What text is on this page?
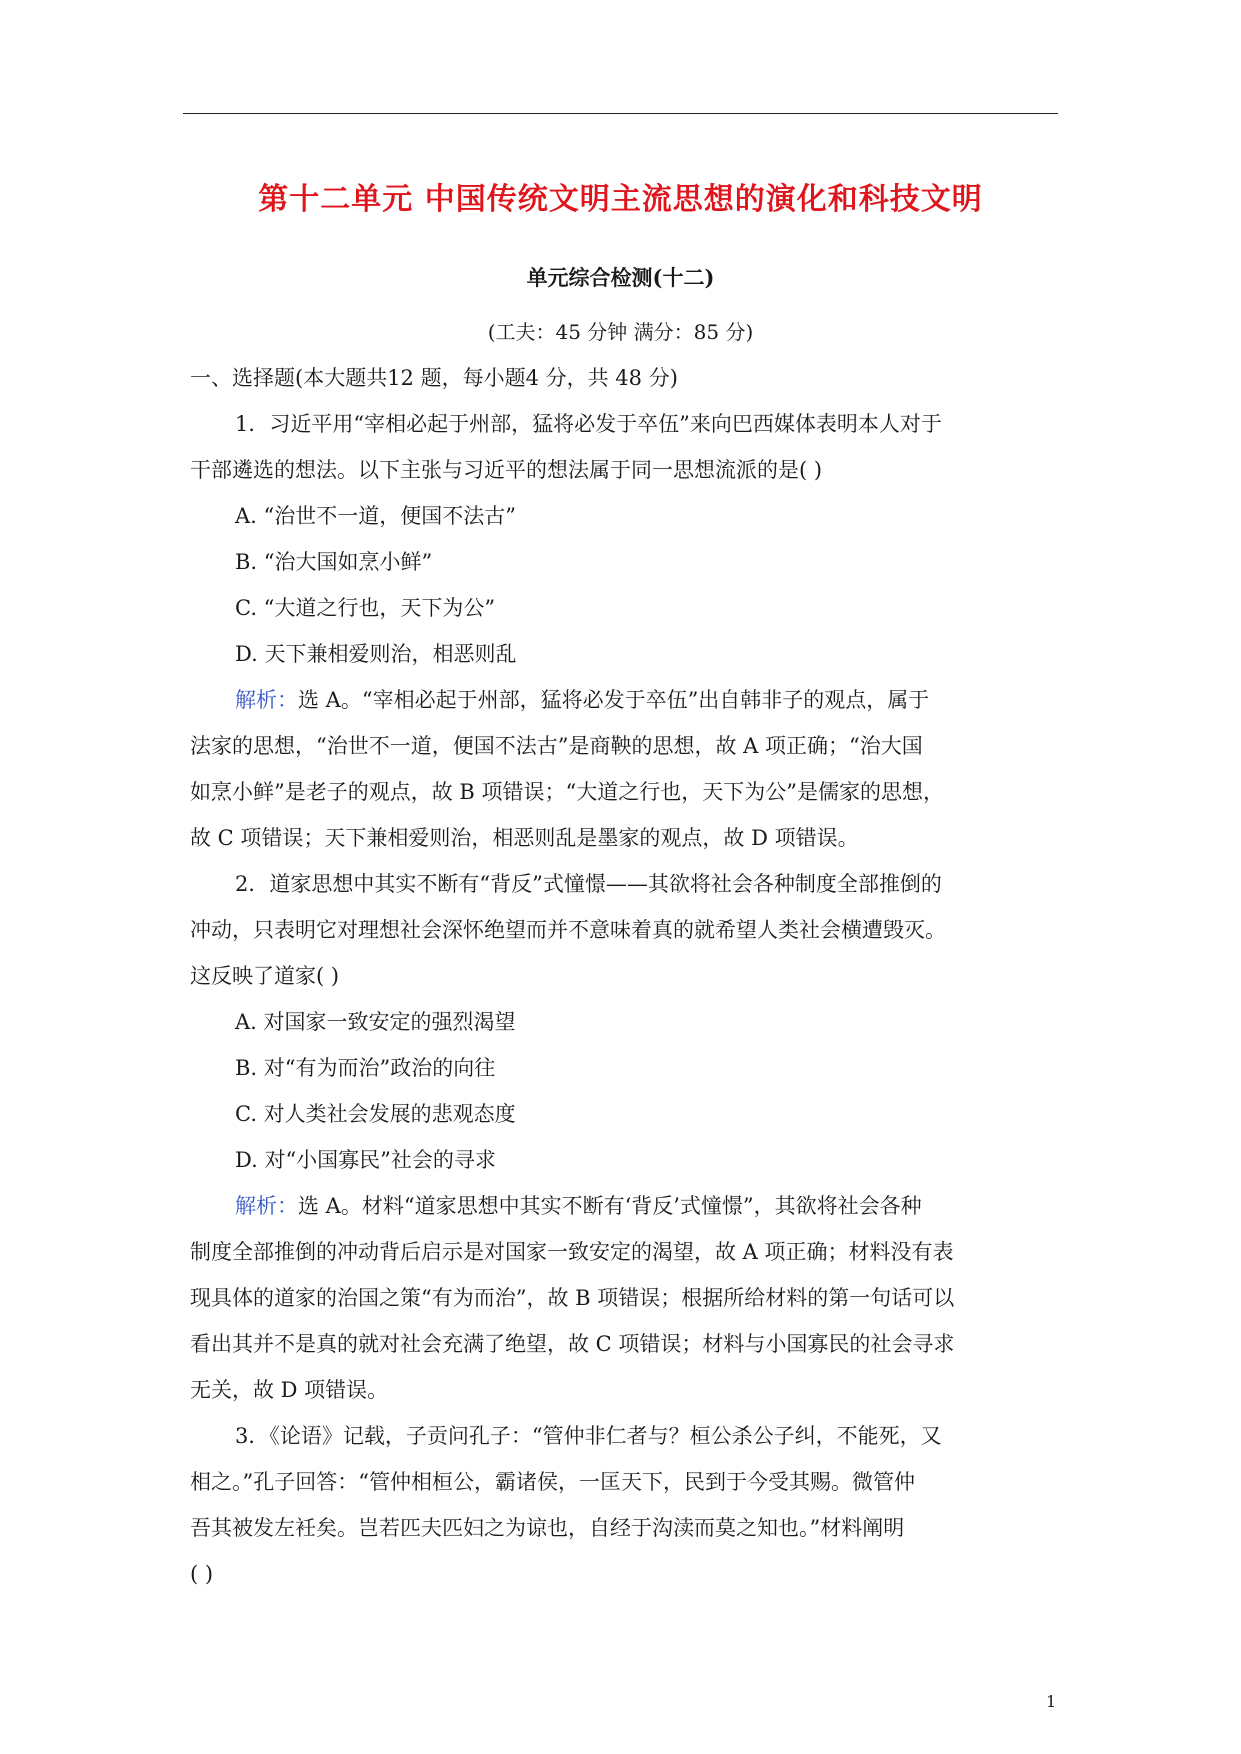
第十二单元 中国传统文明主流思想的演化和科技文明
单元综合检测(十二)
(工夫：45 分钟 满分：85 分)
一、选择题(本大题共12 题，每小题4 分，共 48 分)
1．习近平用“宰相必起于州部，猛将必发于卒伍”来向巴西媒体表明本人对于
干部遴选的想法。以下主张与习近平的想法属于同一思想流派的是( )
A. “治世不一道，便国不法古”
B. “治大国如烹小鲜”
C. “大道之行也，天下为公”
D. 天下兼相爱则治，相恶则乱
解析：选 A。“宰相必起于州部，猛将必发于卒伍”出自韩非子的观点，属于
法家的思想，“治世不一道，便国不法古”是商鞅的思想，故 A 项正确；“治大国
如烹小鲜”是老子的观点，故 B 项错误；“大道之行也，天下为公”是儒家的思想，
故 C 项错误；天下兼相爱则治，相恶则乱是墨家的观点，故 D 项错误。
2．道家思想中其实不断有“背反”式憧憬——其欲将社会各种制度全部推倒的
冲动，只表明它对理想社会深怀绝望而并不意味着真的就希望人类社会横遭毁灭。
这反映了道家( )
A. 对国家一致安定的强烈渴望
B. 对“有为而治”政治的向往
C. 对人类社会发展的悲观态度
D. 对“小国寡民”社会的寻求
解析：选 A。材料“道家思想中其实不断有‘背反’式憧憬”，其欲将社会各种
制度全部推倒的冲动背后启示是对国家一致安定的渴望，故 A 项正确；材料没有表
现具体的道家的治国之策“有为而治”，故 B 项错误；根据所给材料的第一句话可以
看出其并不是真的就对社会充满了绝望，故 C 项错误；材料与小国寡民的社会寻求
无关，故 D 项错误。
3．《论语》记载，子贡问孔子：“管仲非仁者与？桓公杀公子纠，不能死，又
相之。”孔子回答：“管仲相桓公，霸诸侯，一匡天下，民到于今受其赐。微管仲
吾其被发左衽矣。岂若匹夫匹妇之为谅也，自经于沟渎而莫之知也。”材料阐明
( )
1
